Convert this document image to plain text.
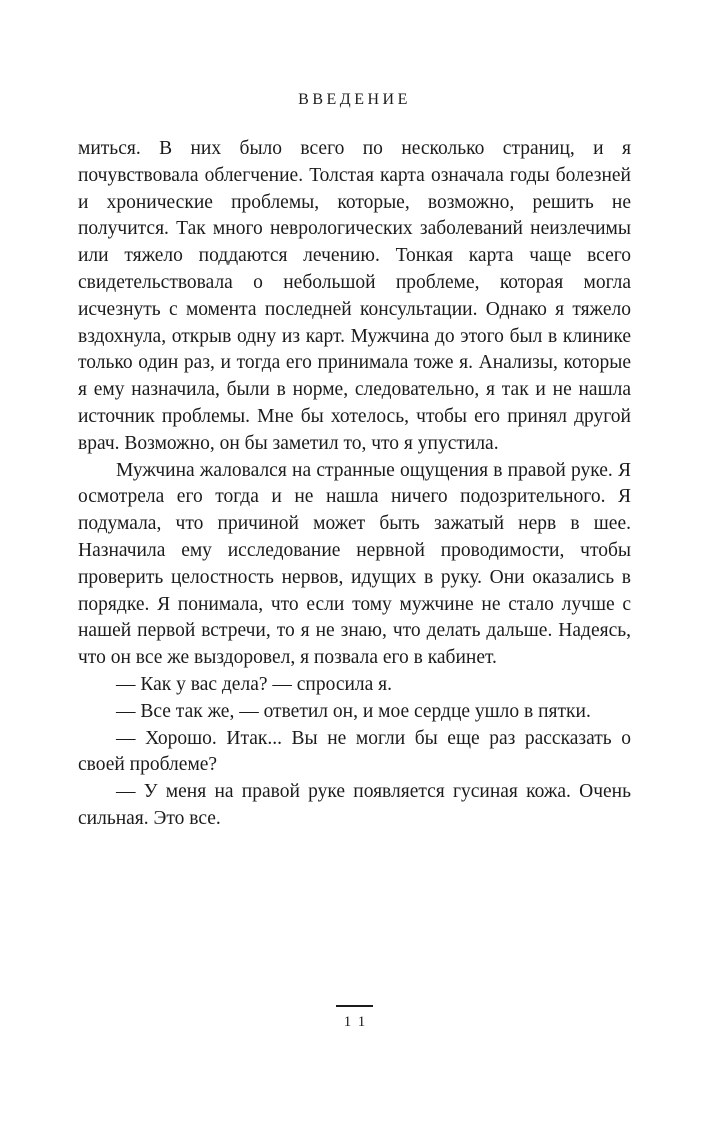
ВВЕДЕНИЕ

миться. В них было всего по несколько страниц, и я почувствовала облегчение. Толстая карта означала годы болезней и хронические проблемы, которые, возможно, решить не получится. Так много неврологических заболеваний неизлечимы или тяжело поддаются лечению. Тонкая карта чаще всего свидетельствовала о небольшой проблеме, которая могла исчезнуть с момента последней консультации. Однако я тяжело вздохнула, открыв одну из карт. Мужчина до этого был в клинике только один раз, и тогда его принимала тоже я. Анализы, которые я ему назначила, были в норме, следовательно, я так и не нашла источник проблемы. Мне бы хотелось, чтобы его принял другой врач. Возможно, он бы заметил то, что я упустила.

Мужчина жаловался на странные ощущения в правой руке. Я осмотрела его тогда и не нашла ничего подозрительного. Я подумала, что причиной может быть зажатый нерв в шее. Назначила ему исследование нервной проводимости, чтобы проверить целостность нервов, идущих в руку. Они оказались в порядке. Я понимала, что если тому мужчине не стало лучше с нашей первой встречи, то я не знаю, что делать дальше. Надеясь, что он все же выздоровел, я позвала его в кабинет.

— Как у вас дела? — спросила я.

— Все так же, — ответил он, и мое сердце ушло в пятки.

— Хорошо. Итак... Вы не могли бы еще раз рассказать о своей проблеме?

— У меня на правой руке появляется гусиная кожа. Очень сильная. Это все.

11
